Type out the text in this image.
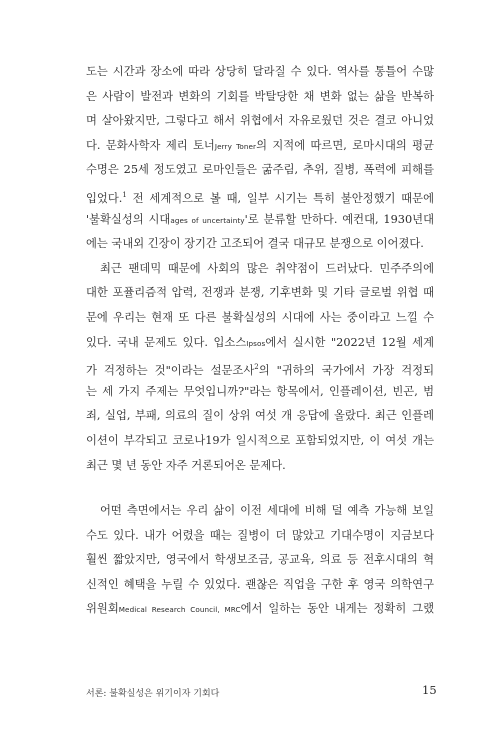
도는 시간과 장소에 따라 상당히 달라질 수 있다. 역사를 통틀어 수많
은 사람이 발전과 변화의 기회를 박탈당한 채 변화 없는 삶을 반복하
며 살아왔지만, 그렇다고 해서 위협에서 자유로웠던 것은 결코 아니었
다. 문화사학자 제리 토너Jerry Toner의 지적에 따르면, 로마시대의 평균
수명은 25세 정도였고 로마인들은 굶주림, 추위, 질병, 폭력에 피해를
입었다.$^1$ 전 세계적으로 볼 때, 일부 시기는 특히 불안정했기 때문에
'불확실성의 시대ages of uncertainty'로 분류할 만하다. 예컨대, 1930년대
에는 국내외 긴장이 장기간 고조되어 결국 대규모 분쟁으로 이어졌다.
최근 팬데믹 때문에 사회의 많은 취약점이 드러났다. 민주주의에
대한 포퓰리즘적 압력, 전쟁과 분쟁, 기후변화 및 기타 글로벌 위협 때
문에 우리는 현재 또 다른 불확실성의 시대에 사는 중이라고 느낄 수
있다. 국내 문제도 있다. 입소스Ipsos에서 실시한 "2022년 12월 세계
가 걱정하는 것"이라는 설문조사$^2$의 "귀하의 국가에서 가장 걱정되
는 세 가지 주제는 무엇입니까?"라는 항목에서, 인플레이션, 빈곤, 범
죄, 실업, 부패, 의료의 질이 상위 여섯 개 응답에 올랐다. 최근 인플레
이션이 부각되고 코로나19가 일시적으로 포함되었지만, 이 여섯 개는
최근 몇 년 동안 자주 거론되어온 문제다.
어떤 측면에서는 우리 삶이 이전 세대에 비해 덜 예측 가능해 보일
수도 있다. 내가 어렸을 때는 질병이 더 많았고 기대수명이 지금보다
훨씬 짧았지만, 영국에서 학생보조금, 공교육, 의료 등 전후시대의 혁
신적인 혜택을 누릴 수 있었다. 괜찮은 직업을 구한 후 영국 의학연구
위원회Medical Research Council, MRC에서 일하는 동안 내게는 정확히 그랬
서론: 불확실성은 위기이자 기회다	15
